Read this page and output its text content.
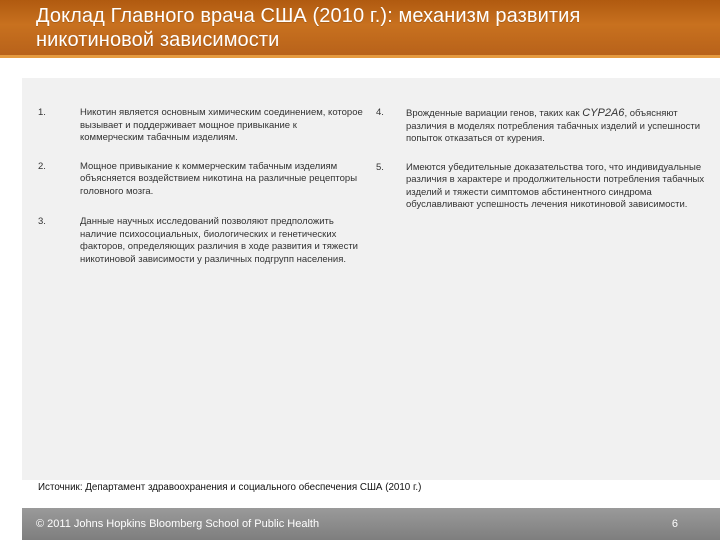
Доклад Главного врача США (2010 г.): механизм развития
никотиновой зависимости
1.	Никотин является основным химическим соединением, которое вызывает и поддерживает мощное привыкание к коммерческим табачным изделиям.
2.	Мощное привыкание к коммерческим табачным изделиям объясняется воздействием никотина на различные рецепторы головного мозга.
3.	Данные научных исследований позволяют предположить наличие психосоциальных, биологических и генетических факторов, определяющих различия в ходе развития и тяжести никотиновой зависимости у различных подгрупп населения.
4.	Врожденные вариации генов, таких как CYP2A6, объясняют различия в моделях потребления табачных изделий и успешности попыток отказаться от курения.
5.	Имеются убедительные доказательства того, что индивидуальные различия в характере и продолжительности потребления табачных изделий и тяжести симптомов абстинентного синдрома обуславливают успешность лечения никотиновой зависимости.
Источник: Департамент здравоохранения и социального обеспечения США (2010 г.)
© 2011 Johns Hopkins Bloomberg School of Public Health	6
